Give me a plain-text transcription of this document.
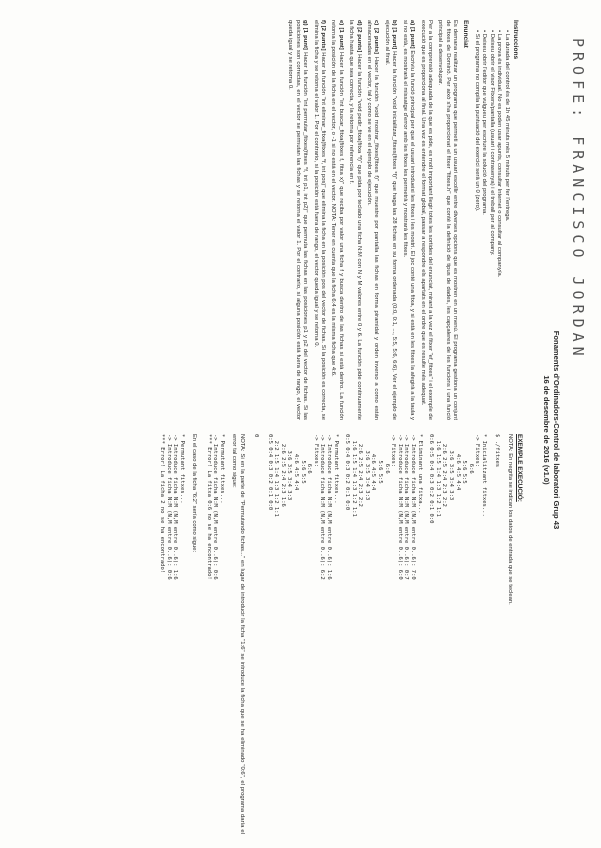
PROFE: FRANCISCO JORDAN
Fonaments d'Ordinadors-Control de laboratori Grup 43
16 de desembre de 2016 (v1.0)
Instruccions
• La durada del control és de 1h 45 minuts més 5 minuts per fer l'entrega.
• La prova és individual. No es poden usar apunts, consultar Internet o consultar al company/a.
• Deixeu obrir el visor Fitxers/pantalla (usuari i contrasenya) i el treball per al company.
• Deixeu obrir l'editor que vulgueu per escriure la solució del programa.
• Si el programa no compila la puntuació del exercici serà un 0 (zero).
Enunciat
Es demana realitzar un programa que permeti a un usuari escollir entre diverses opcions que es mostren en un menú. El programa gestiona un conjunt de fitxes de Dominó. Per això s'ha proporcionat el fitxer "fitxes.h" que conté la definició de tipus de dades, les capçaleres de les funcions i una funció principal a desenvolupar.
Per a la comprensió adequada de la que es pide, es molt important llegir totes les sortides del enunciat, mirant a la vez el fitxer "ef_fitxes" i el exemple de execució que es proporciona al final. Una vez es entendre el format global, passar a respondre els apartats en el ordre que es resulte més adequat.
a) [1 punt] Escriviu la funció principal per que el usuari introdueixi les fitxes i les mostri. El joc conté una fitxa, y si està en les fitxes la afegirà a la taula y si no està, es mostrarà el missatge d'error amb les fitxes les permetrà y mostrarà les fitxes.
b) [1 punt] Hacer la función "void inicialitzar_fitxes(fitxes *f)" que haga las 28 fichas en su forma ordenada (0:0, 0:1, ..., 5:5, 5:6, 6:6). Ver el ejemplo de ejecución al final.
c) [2 punts] Hacer la función "void mostrar_fitxes(fitxes f)" que muestre por pantalla las fichas en forma piramidal y orden inverso a como están almacenadas en el vector, tal y como se ve en el ejemplo de ejecución.
d) [2 punts] Hacer la función "void pedir_fitxa(fitxa *f)" que pida por teclado una ficha N:M con N y M valores entre 0 y 6. La función pide continuamente la ficha hasta que sea correcta, y la retorna por referencia en f.
e) [1 punt] Hacer la función "int buscar_fitxa(fitxes f, fitxa x)" que reciba por valor una ficha f y busca dentro de las fichas si está dentro. La función retorna la posición de la ficha en el vector, o -1 si no está en el vector. NOTA: Tener en cuenta que la ficha 6:4 es la misma ficha que 4:6.
f) [2 punts] Hacer la función "int eliminar_fitxa(fitxes *f, int pos)" que elimina la ficha en la posición pos del vector de fichas. Si la posición es correcta, se elimina la ficha y se retorna el valor 1. Por el contrario, si la posición está fuera de rango, el vector queda igual y se retorna 0.
g) [1 punt] Hacer la función "int permutar_fitxes(fitxes *f, int p1, int p2)" que permuta las fichas en las posiciones p1 y p2 del vector de fichas. Si las posiciones son correctas, en el vector se permutan las fichas y se retorna el valor 1. Por el contrario, si alguna posición está fuera de rango, el vector queda igual y se retorna 0.
EXEMPLE EXECUCIÓ:
NOTA: En negrita se indican los datos de entrada que se teclean.
$ ./fitxes

* Inicialitzant fitxes...
-> Fitxes:
6:6
5:6 5:5
4:6 4:5 4:4
3:6 3:5 3:4 3:3
2:6 2:5 2:4 2:3 2:2
1:6 1:5 1:4 1:3 1:2 1:1
0:6 0:5 0:4 0:3 0:2 0:1 0:0
* Eliminant una fitxa...
-> Introduce ficha N:M (N,M entre 0..6): 7:0
-> Introduce ficha N:M (N,M entre 0..6): 0:7
-> Introduce ficha N:M (N,M entre 0..6): 6:0
-> Fitxes:
6:6
5:6 5:5
4:6 4:5 4:4
3:6 3:5 3:4 3:3
2:6 2:5 2:4 2:3 2:2
1:6 1:5 1:4 1:3 1:2 1:1
0:5 0:4 0:3 0:2 0:1 0:0
* Permutant fitxes...
-> Introduce ficha N:M (N,M entre 0..6): 1:6
-> Introduce ficha N:M (N,M entre 0..6): 6:2
-> Fitxes:
6:6
5:6 5:5
4:6 4:5 4:4
3:6 3:5 3:4 3:3
2:6 2:5 2:4 2:3 1:6
2:2 1:5 1:4 1:3 1:2 1:1
0:5 0:4 0:3 0:2 0:1 0:0

0
NOTA: Si en la parte de "Permutando fichas..." en lugar de introducir la ficha "1:6" se introduce la ficha que se ha eliminado "0:6", el programa daría el error tal como sigue:
* Permutant fitxes...
-> Introduce ficha N:M (N,M entre 0..6): 0:6
*** Error! La fitxa 0:6 no se ha encontrado!
En el caso de la ficha "6:2" sería como sigue:
* Permutant fitxes...
-> Introduce ficha N:M (N,M entre 0..6): 1:6
-> Introduce ficha N:M (N,M entre 0..6): 0:6
*** Error! La ficha 2 no se ha encontrado!
